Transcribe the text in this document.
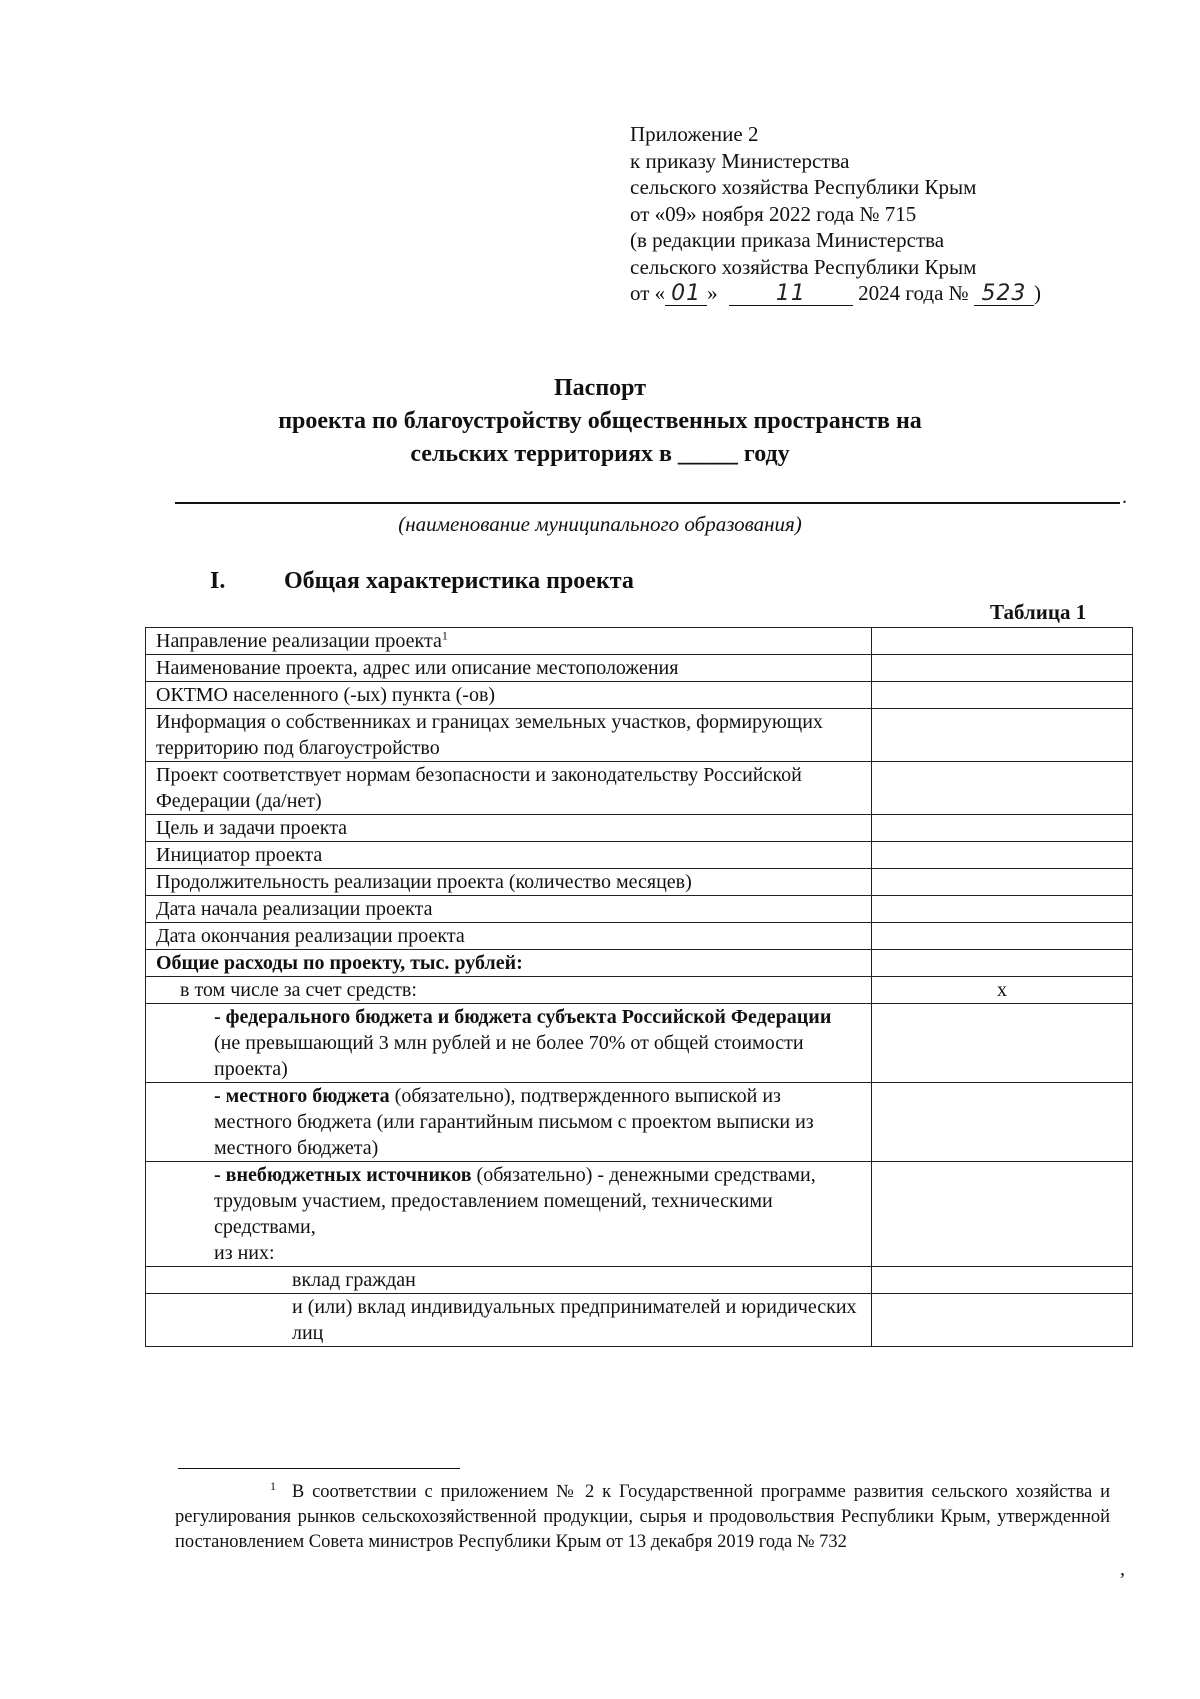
Приложение 2
к приказу Министерства
сельского хозяйства Республики Крым
от «09» ноября 2022 года № 715
(в редакции приказа Министерства
сельского хозяйства Республики Крым
от « 01 »	11 2024 года № 523 )
Паспорт
проекта по благоустройству общественных пространств на
сельских территориях в _____ году
.
(наименование муниципального образования)
I. Общая характеристика проекта
Таблица 1
Направление реализации проекта$^1$	
Наименование проекта, адрес или описание местоположения	
ОКТМО населенного (-ых) пункта (-ов)	
Информация о собственниках и границах земельных участков, формирующих территорию под благоустройство	
Проект соответствует нормам безопасности и законодательству Российской Федерации (да/нет)	
Цель и задачи проекта	
Инициатор проекта	
Продолжительность реализации проекта (количество месяцев)	
Дата начала реализации проекта	
Дата окончания реализации проекта	
Общие расходы по проекту, тыс. рублей:	
в том числе за счет средств:	х
- федерального бюджета и бюджета субъекта Российской Федерации (не превышающий 3 млн рублей и не более 70% от общей стоимости проекта)	
- местного бюджета (обязательно), подтвержденного выпиской из местного бюджета (или гарантийным письмом с проектом выписки из местного бюджета)	
- внебюджетных источников (обязательно) - денежными средствами, трудовым участием, предоставлением помещений, техническими средствами,
из них:	
вклад граждан	
и (или) вклад индивидуальных предпринимателей и юридических лиц	
$^1$ В соответствии с приложением № 2 к Государственной программе развития сельского хозяйства и регулирования рынков сельскохозяйственной продукции, сырья и продовольствия Республики Крым, утвержденной постановлением Совета министров Республики Крым от 13 декабря 2019 года № 732
,
